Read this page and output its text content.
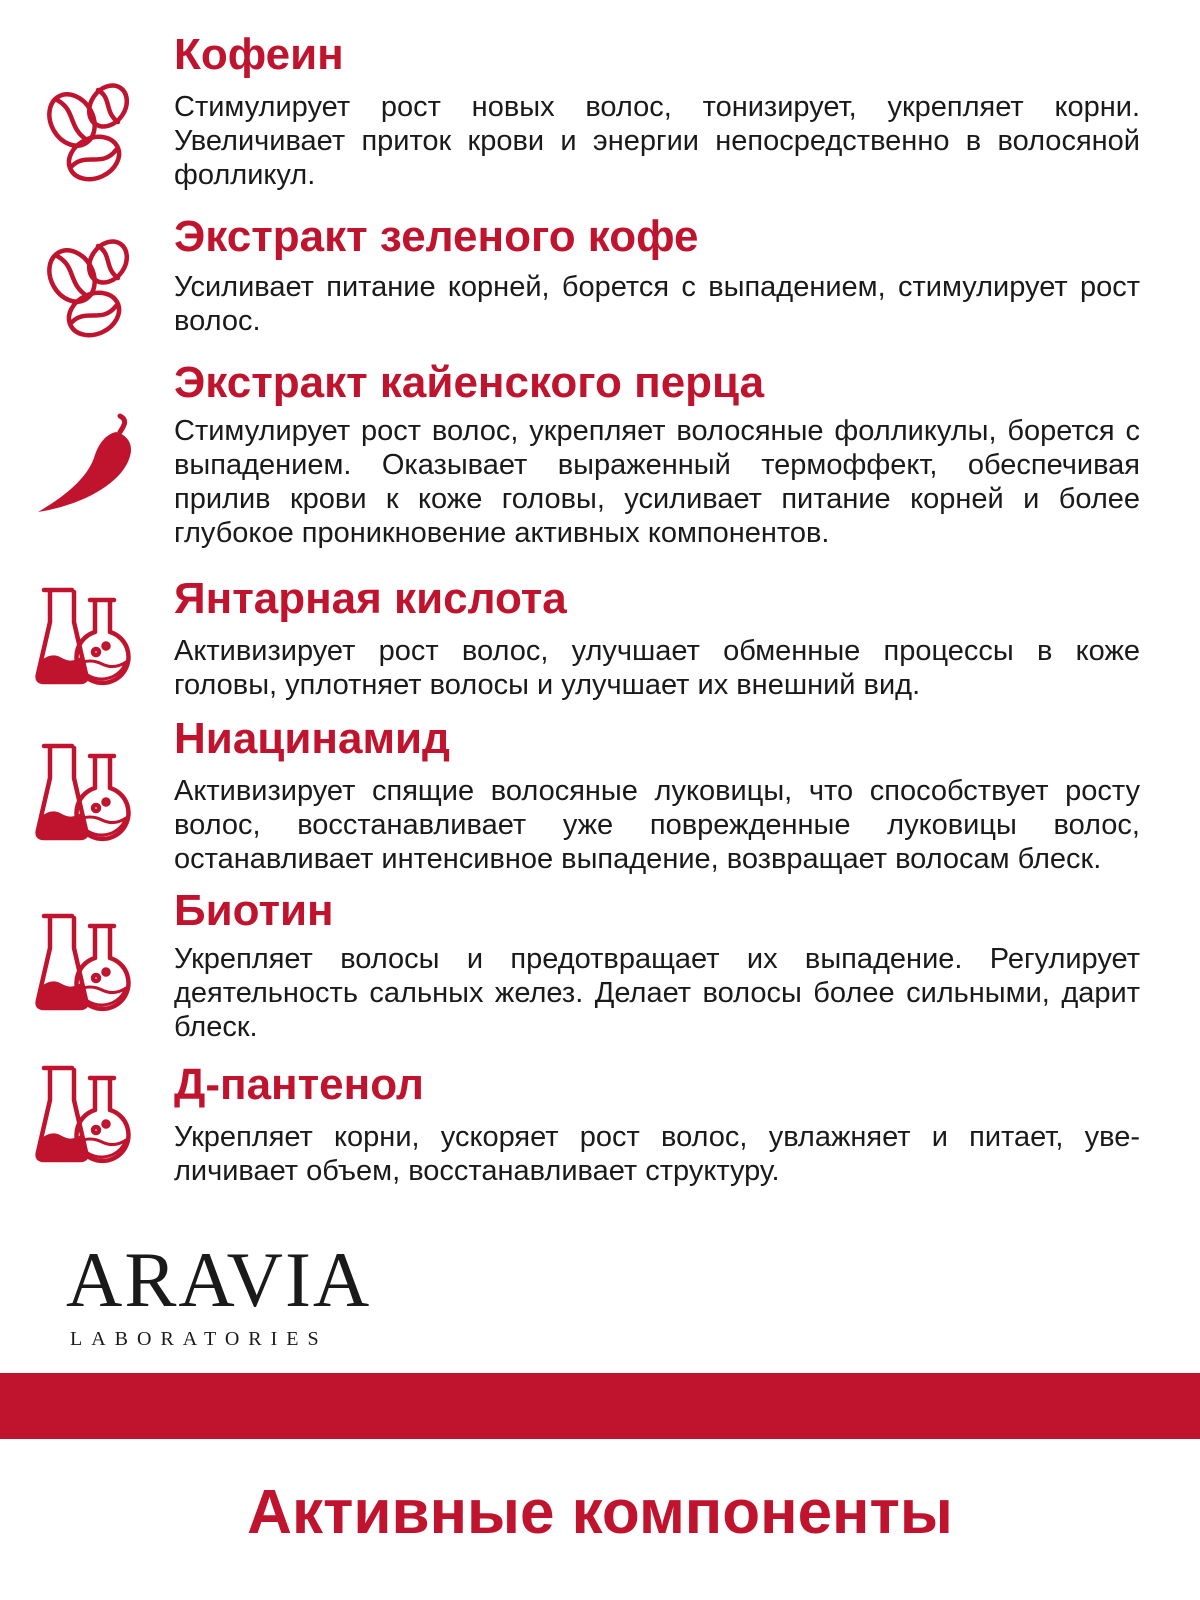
Кофеин
Стимулирует рост новых волос, тонизирует, укрепляет корни. Увеличивает приток крови и энергии непосредственно в волосяной фолликул.
Экстракт зеленого кофе
Усиливает питание корней, борется с выпадением, стимулирует рост волос.
Экстракт кайенского перца
Стимулирует рост волос, укрепляет волосяные фолликулы, борется с выпадением. Оказывает выраженный термоффект, обеспечивая прилив крови к коже головы, усиливает питание корней и более глубокое проникновение активных компонентов.
Янтарная кислота
Активизирует рост волос, улучшает обменные процессы в коже головы, уплотняет волосы и улучшает их внешний вид.
Ниацинамид
Активизирует спящие волосяные луковицы, что способствует росту волос, восстанавливает уже поврежденные луковицы волос, останавливает интенсивное выпадение, возвращает волосам блеск.
Биотин
Укрепляет волосы и предотвращает их выпадение. Регулирует деятельность сальных желез. Делает волосы более сильными, дарит блеск.
Д-пантенол
Укрепляет корни, ускоряет рост волос, увлажняет и питает, уве-личивает объем, восстанавливает структуру.
ARAVIA
LABORATORIES
Активные компоненты
